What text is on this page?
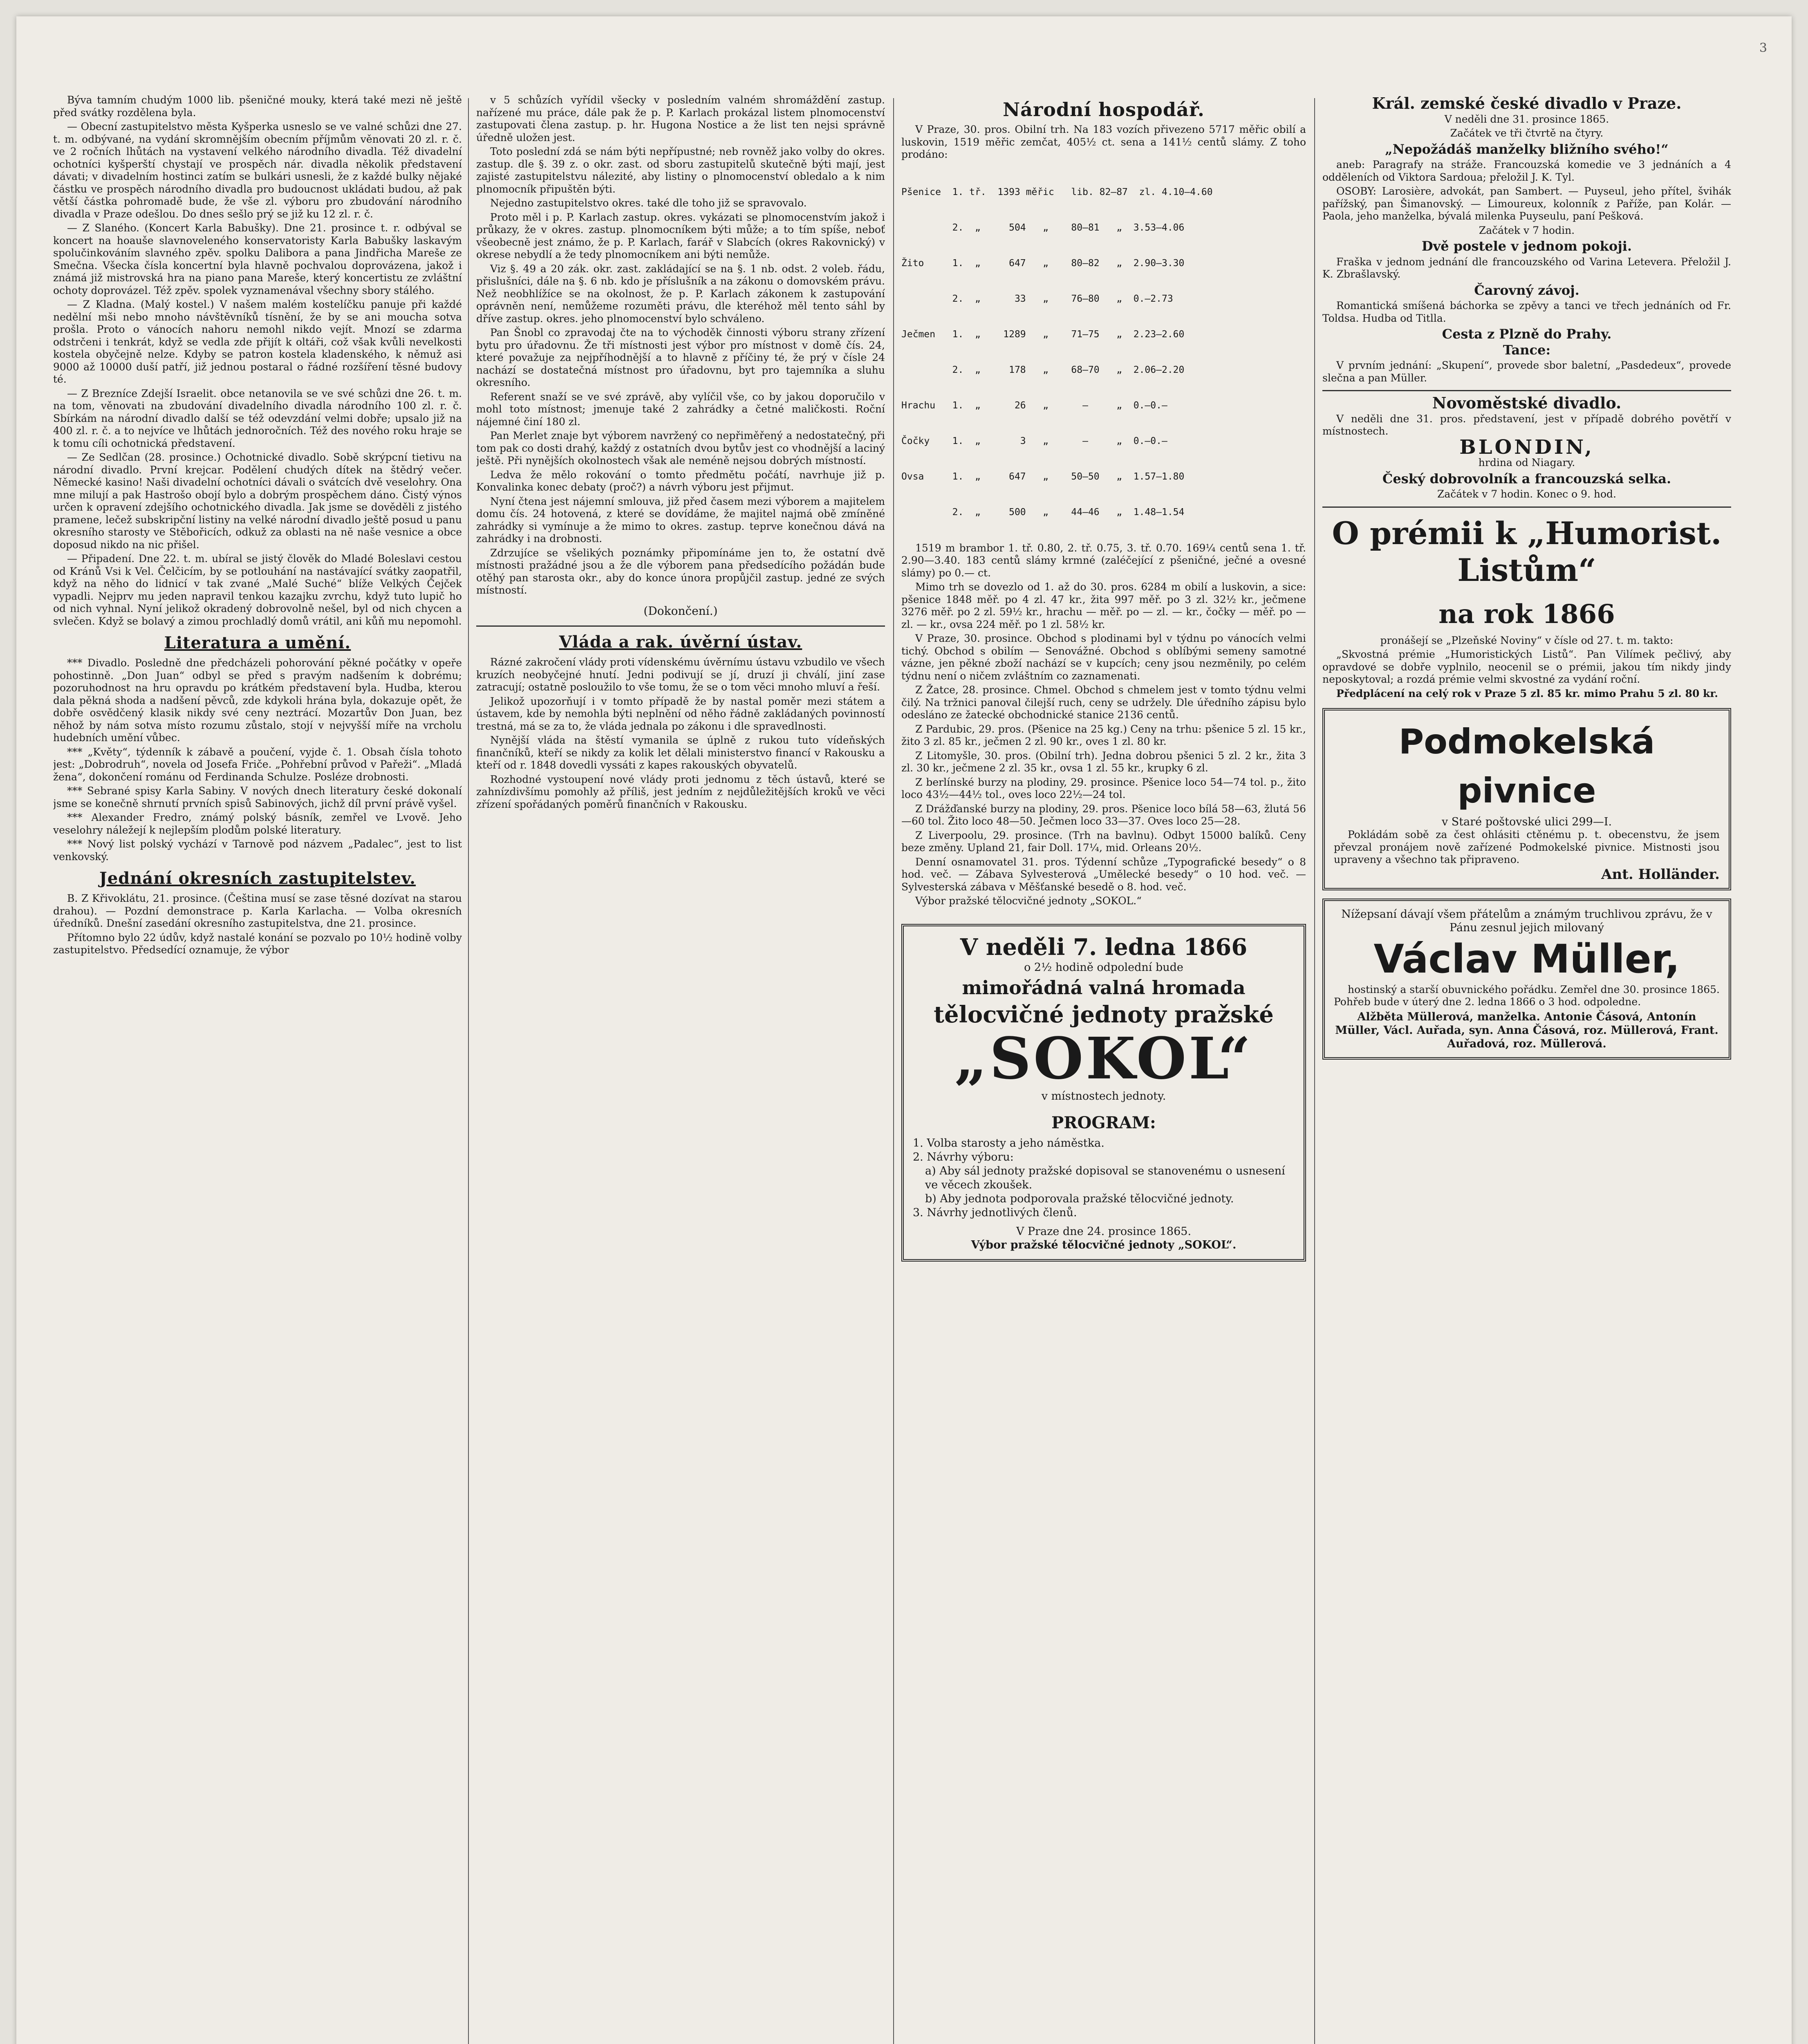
3

Býva tamním chudým 1000 lib. pšeničné mouky, která také mezi ně ještě před svátky rozdělena byla.

— Obecní zastupitelstvo města Kyšperka usneslo se ve valné schůzi dne 27. t. m. odbývané, na vydání skromnějším obecním příjmům věnovati 20 zl. r. č. ve 2 ročních lhůtách na vystavení velkého národního divadla. Též divadelní ochotníci kyšperští chystají ve prospěch nár. divadla několik představení dávati; v divadelním hostinci zatím se bulkári usnesli, že z každé bulky nějaké částku ve prospěch národního divadla pro budoucnost ukládati budou, až pak větší částka pohromadě bude, že vše zl. výboru pro zbudování národního divadla v Praze odešlou. Do dnes sešlo prý se již ku 12 zl. r. č.

— Z Slaného. (Koncert Karla Babušky). Dne 21. prosince t. r. odbýval se koncert na hoauše slavnoveleného konservatoristy Karla Babušky laskavým spolučinkováním slavného zpěv. spolku Dalibora a pana Jindřicha Mareše ze Smečna. Všecka čísla koncertní byla hlavně pochvalou doprovázena, jakož i známá již mistrovská hra na piano pana Mareše, který koncertistu ze zvláštní ochoty doprovázel. Též zpěv. spolek vyznamenával všechny sbory stálého.

— Z Kladna. (Malý kostel.) V našem malém kostelíčku panuje při každé nedělní mši nebo mnoho návštěvníků tísnění, že by se ani moucha sotva prošla. Proto o vánocích nahoru nemohl nikdo vejít. Mnozí se zdarma odstrčeni i tenkrát, když se vedla zde přijít k oltáři, což však kvůli nevelkosti kostela obyčejně nelze. Kdyby se patron kostela kladenského, k němuž asi 9000 až 10000 duší patří, již jednou postaral o řádné rozšíření těsné budovy té.

— Z Brezníce Zdejší Israelit. obce netanovila se ve své schůzi dne 26. t. m. na tom, věnovati na zbudování divadelního divadla národního 100 zl. r. č. Sbírkám na národní divadlo další se též odevzdání velmi dobře; upsalo již na 400 zl. r. č. a to nejvíce ve lhůtách jednoročních. Též des nového roku hraje se k tomu cíli ochotnická představení.

— Ze Sedlčan (28. prosince.) Ochotnické divadlo. Sobě skrýpcní tietivu na národní divadlo. První krejcar. Podělení chudých dítek na štědrý večer. Německé kasino! Naši divadelní ochotníci dávali o svátcích dvě veselohry. Ona mne milují a pak Hastrošo obojí bylo a dobrým prospěchem dáno. Čistý výnos určen k opravení zdejšího ochotnického divadla. Jak jsme se dověděli z jistého pramene, lečež subskripční listiny na velké národní divadlo ještě posud u panu okresního starosty ve Stěbořicích, odkuž za oblasti na ně naše vesnice a obce doposud nikdo na nic přišel.

— Připadení. Dne 22. t. m. ubíral se jistý člověk do Mladé Boleslavi cestou od Kránů Vsi k Vel. Čelčicím, by se potlouhání na nastávající svátky zaopatřil, když na něho do lidnicí v tak zvané „Malé Suché“ blíže Velkých Čejček vypadli. Nejprv mu jeden napravil tenkou kazajku zvrchu, když tuto lupič ho od nich vyhnal. Nyní jelikož okradený dobrovolně nešel, byl od nich chycen a svlečen. Když se bolavý a zimou prochladlý domů vrátil, ani kůň mu nepomohl.

Literatura a umění.

*** Divadlo. Posledně dne předcházeli pohorování pěkné počátky v opeře pohostinně. „Don Juan“ odbyl se před s pravým nadšením k dobrému; pozoruhodnost na hru opravdu po krátkém představení byla. Hudba, kterou dala pěkná shoda a nadšení pěvců, zde kdykoli hrána byla, dokazuje opět, že dobře osvědčený klasik nikdy své ceny neztrácí. Mozartův Don Juan, bez něhož by nám sotva místo rozumu zůstalo, stojí v nejvyšší míře na vrcholu hudebních umění vůbec.

*** „Květy“, týdenník k zábavě a poučení, vyjde č. 1. Obsah čísla tohoto jest: „Dobrodruh“, novela od Josefa Friče. „Pohřební průvod v Pařeži“. „Mladá žena“, dokončení románu od Ferdinanda Schulze. Posléze drobnosti.

*** Sebrané spisy Karla Sabiny. V nových dnech literatury české dokonalí jsme se konečně shrnutí prvních spisů Sabinových, jichž díl první právě vyšel.

*** Alexander Fredro, známý polský básník, zemřel ve Lvově. Jeho veselohry náležejí k nejlepším plodům polské literatury.

*** Nový list polský vychází v Tarnově pod názvem „Padalec“, jest to list venkovský.

Jednání okresních zastupitelstev.

B. Z Křivoklátu, 21. prosince. (Čeština musí se zase těsné dozívat na starou drahou). — Pozdní demonstrace p. Karla Karlacha. — Volba okresních úředníků. Dnešní zasedání okresního zastupitelstva, dne 21. prosince.

Přítomno bylo 22 údův, když nastalé konání se pozvalo po 10½ hodině volby zastupitelstvo. Předsedící oznamuje, že výbor

v 5 schůzích vyřídil všecky v posledním valném shromáždění zastup. nařízené mu práce, dále pak že p. P. Karlach prokázal listem plnomocenství zastupovati člena zastup. p. hr. Hugona Nostice a že list ten nejsi správně úředně uložen jest.

Toto poslední zdá se nám býti nepřípustné; neb rovněž jako volby do okres. zastup. dle §. 39 z. o okr. zast. od sboru zastupitelů skutečně býti mají, jest zajisté zastupitelstvu nálezité, aby listiny o plnomocenství obledalo a k nim plnomocník připuštěn býti.

Nejedno zastupitelstvo okres. také dle toho již se spravovalo.

Proto měl i p. P. Karlach zastup. okres. vykázati se plnomocenstvím jakož i průkazy, že v okres. zastup. plnomocníkem býti může; a to tím spíše, neboť všeobecně jest známo, že p. P. Karlach, farář v Slabcích (okres Rakovnický) v okrese nebydlí a že tedy plnomocníkem ani býti nemůže.

Viz §. 49 a 20 zák. okr. zast. zakládající se na §. 1 nb. odst. 2 voleb. řádu, přislušníci, dále na §. 6 nb. kdo je příslušník a na zákonu o domovském právu. Než neobhlížíce se na okolnost, že p. P. Karlach zákonem k zastupování oprávněn není, nemůžeme rozuměti právu, dle kteréhož měl tento sáhl by dříve zastup. okres. jeho plnomocenství bylo schváleno.

Pan Šnobl co zpravodaj čte na to východěk činnosti výboru strany zřízení bytu pro úřadovnu. Že tři místnosti jest výbor pro místnost v domě čís. 24, které považuje za nejpříhodnější a to hlavně z příčiny té, že prý v čísle 24 nachází se dostatečná místnost pro úřadovnu, byt pro tajemníka a sluhu okresního.

Referent snaží se ve své zprávě, aby vylíčil vše, co by jakou doporučilo v mohl toto místnost; jmenuje také 2 zahrádky a četné maličkosti. Roční nájemné činí 180 zl.

Pan Merlet znaje byt výborem navržený co nepřiměřený a nedostatečný, při tom pak co dosti drahý, každý z ostatních dvou bytův jest co vhodnější a laciný ještě. Při nynějších okolnostech však ale neméně nejsou dobrých místností.

Ledva že mělo rokování o tomto předmětu počátí, navrhuje již p. Konvalinka konec debaty (proč?) a návrh výboru jest přijmut.

Nyní čtena jest nájemní smlouva, již před časem mezi výborem a majitelem domu čís. 24 hotovená, z které se dovídáme, že majitel najmá obě zmíněné zahrádky si vymínuje a že mimo to okres. zastup. teprve konečnou dává na zahrádky i na drobnosti.

Zdrzujíce se všelikých poznámky připomínáme jen to, že ostatní dvě místnosti pražádné jsou a že dle výborem pana předsedícího požádán bude otěhý pan starosta okr., aby do konce února propůjčil zastup. jedné ze svých místností.

(Dokončení.)
Vláda a rak. úvěrní ústav.

Rázné zakročení vlády proti vídenskému úvěrnímu ústavu vzbudilo ve všech kruzích neobyčejné hnutí. Jedni podivují se jí, druzí ji chválí, jiní zase zatracují; ostatně posloužilo to vše tomu, že se o tom věci mnoho mluví a řeší.

Jelikož upozorňují i v tomto případě že by nastal poměr mezi státem a ústavem, kde by nemohla býti neplnění od něho řádně zakládaných povinností trestná, má se za to, že vláda jednala po zákonu i dle spravedlnosti.

Nynější vláda na štěstí vymanila se úplně z rukou tuto vídeňských finančníků, kteří se nikdy za kolik let dělali ministerstvo financí v Rakousku a kteří od r. 1848 dovedli vyssáti z kapes rakouských obyvatelů.

Rozhodné vystoupení nové vlády proti jednomu z těch ústavů, které se zahnízdivšímu pomohly až příliš, jest jedním z nejdůležitějších kroků ve věci zřízení spořádaných poměrů finančních v Rakousku.

Národní hospodář.

V Praze, 30. pros. Obilní trh. Na 183 vozích přivezeno 5717 měřic obilí a luskovin, 1519 měřic zemčat, 405½ ct. sena a 141½ centů slámy. Z toho prodáno:

Pšenice  1. tř.  1393 měřic   lib. 82—87  zl. 4.10—4.60

2.  „     504   „    80—81   „  3.53—4.06

Žito     1.  „     647   „    80—82   „  2.90—3.30

2.  „      33   „    76—80   „  0.—2.73

Ječmen   1.  „    1289   „    71—75   „  2.23—2.60

2.  „     178   „    68—70   „  2.06—2.20

Hrachu   1.  „      26   „      —     „  0.—0.—

Čočky    1.  „       3   „      —     „  0.—0.—

Ovsa     1.  „     647   „    50—50   „  1.57—1.80

2.  „     500   „    44—46   „  1.48—1.54

1519 m brambor 1. tř. 0.80, 2. tř. 0.75, 3. tř. 0.70. 169¼ centů sena 1. tř. 2.90—3.40. 183 centů slámy krmné (zaléčející z pšeničné, ječné a ovesné slámy) po 0.— ct.

Mimo trh se dovezlo od 1. až do 30. pros. 6284 m obilí a luskovin, a sice: pšenice 1848 měř. po 4 zl. 47 kr., žita 997 měř. po 3 zl. 32½ kr., ječmene 3276 měř. po 2 zl. 59½ kr., hrachu — měř. po — zl. — kr., čočky — měř. po — zl. — kr., ovsa 224 měř. po 1 zl. 58½ kr.

V Praze, 30. prosince. Obchod s plodinami byl v týdnu po vánocích velmi tichý. Obchod s obilím — Senovážné. Obchod s oblíbými semeny samotné vázne, jen pěkné zboží nachází se v kupcích; ceny jsou nezměnily, po celém týdnu není o ničem zvláštním co zaznamenati.

Z Žatce, 28. prosince. Chmel. Obchod s chmelem jest v tomto týdnu velmi čilý. Na tržnici panoval čilejší ruch, ceny se udržely. Dle úředního zápisu bylo odesláno ze žatecké obchodnické stanice 2136 centů.

Z Pardubic, 29. pros. (Pšenice na 25 kg.) Ceny na trhu: pšenice 5 zl. 15 kr., žito 3 zl. 85 kr., ječmen 2 zl. 90 kr., oves 1 zl. 80 kr.

Z Litomyšle, 30. pros. (Obilní trh). Jedna dobrou pšenici 5 zl. 2 kr., žita 3 zl. 30 kr., ječmene 2 zl. 35 kr., ovsa 1 zl. 55 kr., krupky 6 zl.

Z berlínské burzy na plodiny, 29. prosince. Pšenice loco 54—74 tol. p., žito loco 43½—44½ tol., oves loco 22½—24 tol.

Z Drážďanské burzy na plodiny, 29. pros. Pšenice loco bílá 58—63, žlutá 56—60 tol. Žito loco 48—50. Ječmen loco 33—37. Oves loco 25—28.

Z Liverpoolu, 29. prosince. (Trh na bavlnu). Odbyt 15000 balíků. Ceny beze změny. Upland 21, fair Doll. 17¼, mid. Orleans 20½.

Denní osnamovatel 31. pros. Týdenní schůze „Typografické besedy“ o 8 hod. več. — Zábava Sylvesterová „Umělecké besedy“ o 10 hod. več. — Sylvesterská zábava v Měšťanské besedě o 8. hod. več.

Výbor pražské tělocvičné jednoty „SOKOL.“

V neděli 7. ledna 1866
o 2½ hodině odpolední bude
mimořádná valná hromada
tělocvičné jednoty pražské
„SOKOL“
v místnostech jednoty.
PROGRAM:
1. Volba starosty a jeho náměstka.
2. Návrhy výboru:
a) Aby sál jednoty pražské dopisoval se stanovenému o usnesení ve věcech zkoušek.
b) Aby jednota podporovala pražské tělocvičné jednoty.
3. Návrhy jednotlivých členů.
V Praze dne 24. prosince 1865.
Výbor pražské tělocvičné jednoty „SOKOL“.
Král. zemské české divadlo v Praze.

V neděli dne 31. prosince 1865.

Začátek ve tři čtvrtě na čtyry.

„Nepožádáš manželky bližního svého!“

aneb: Paragrafy na stráže. Francouzská komedie ve 3 jednáních a 4 odděleních od Viktora Sardoua; přeložil J. K. Tyl.

OSOBY: Larosière, advokát, pan Sambert. — Puyseul, jeho přítel, švihák pařížský, pan Šimanovský. — Limoureux, kolonník z Paříže, pan Kolár. — Paola, jeho manželka, bývalá milenka Puyseulu, paní Pešková.

Začátek v 7 hodin.

Dvě postele v jednom pokoji.

Fraška v jednom jednání dle francouzského od Varina Letevera. Přeložil J. K. Zbrašlavský.

Čarovný závoj.

Romantická smíšená báchorka se zpěvy a tanci ve třech jednáních od Fr. Toldsa. Hudba od Titlla.

Cesta z Plzně do Prahy.
Tance:

V prvním jednání: „Skupení“, provede sbor baletní, „Pasdedeux“, provede slečna a pan Müller.

Novoměstské divadlo.

V neděli dne 31. pros. představení, jest v případě dobrého povětří v místnostech.

BLONDIN,

hrdina od Niagary.

Český dobrovolník a francouzská selka.

Začátek v 7 hodin. Konec o 9. hod.

O prémii k „Humorist. Listům“
na rok 1866

pronášejí se „Plzeňské Noviny“ v čísle od 27. t. m. takto:

„Skvostná prémie „Humoristických Listů“. Pan Vilímek pečlivý, aby opravdové se dobře vyplnilo, neocenil se o prémii, jakou tím nikdy jindy neposkytoval; a rozdá prémie velmi skvostné za vydání roční.

Předplácení na celý rok v Praze 5 zl. 85 kr. mimo Prahu 5 zl. 80 kr.

Podmokelská pivnice
v Staré poštovské ulici 299—I.

Pokládám sobě za čest ohlásiti ctěnému p. t. obecenstvu, že jsem převzal pronájem nově zařízené Podmokelské pivnice. Mistnosti jsou upraveny a všechno tak připraveno.

Ant. Holländer.
Nížepsaní dávají všem přátelům a známým truchlivou zprávu, že v Pánu zesnul jejich milovaný
Václav Müller,

hostinský a starší obuvnického pořádku. Zemřel dne 30. prosince 1865. Pohřeb bude v úterý dne 2. ledna 1866 o 3 hod. odpoledne.

Alžběta Müllerová, manželka. Antonie Čásová, Antonín Müller, Václ. Auřada, syn. Anna Čásová, roz. Müllerová, Frant. Auřadová, roz. Müllerová.
